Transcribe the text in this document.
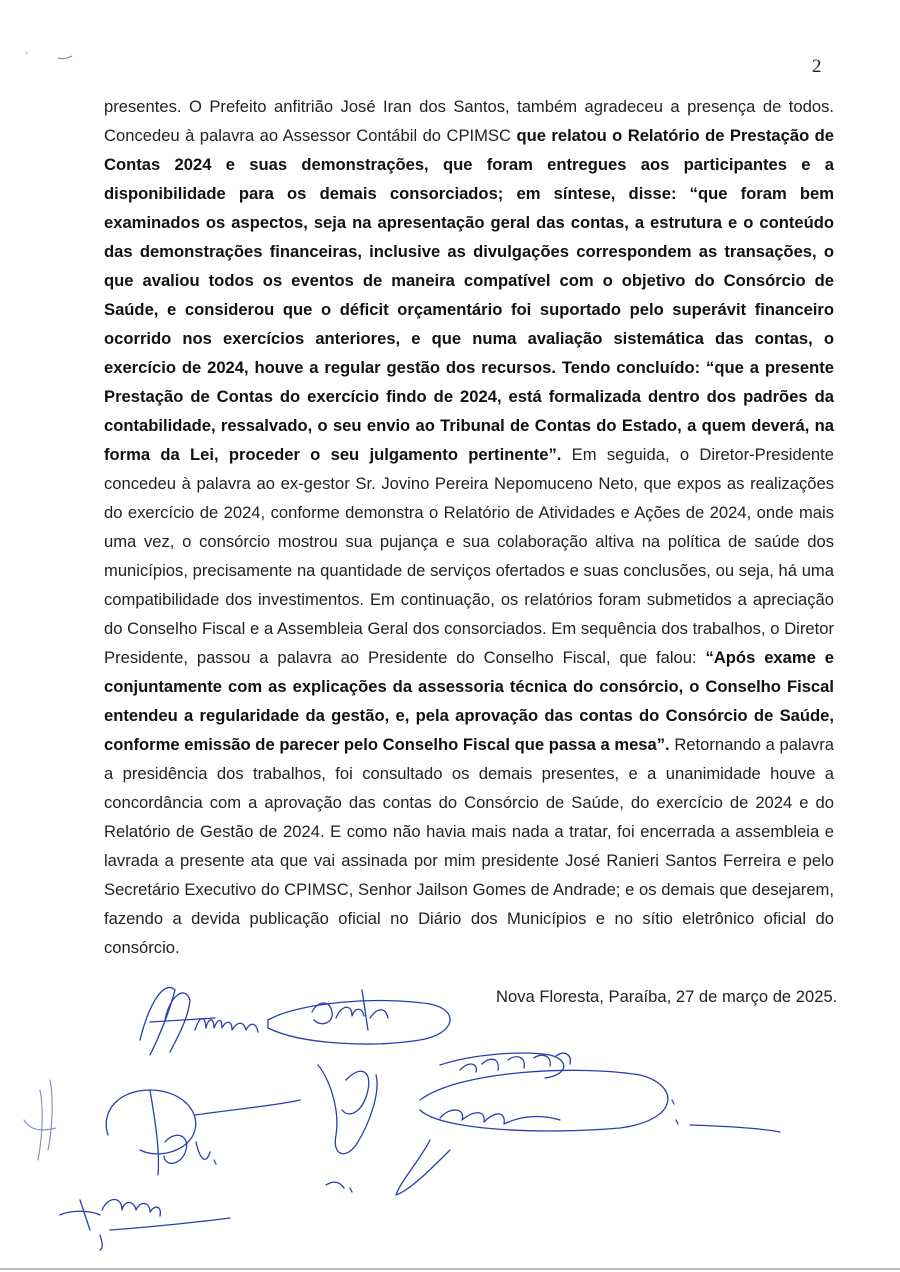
2
presentes. O Prefeito anfitrião José Iran dos Santos, também agradeceu a presença de todos. Concedeu à palavra ao Assessor Contábil do CPIMSC que relatou o Relatório de Prestação de Contas 2024 e suas demonstrações, que foram entregues aos participantes e a disponibilidade para os demais consorciados; em síntese, disse: “que foram bem examinados os aspectos, seja na apresentação geral das contas, a estrutura e o conteúdo das demonstrações financeiras, inclusive as divulgações correspondem as transações, o que avaliou todos os eventos de maneira compatível com o objetivo do Consórcio de Saúde, e considerou que o déficit orçamentário foi suportado pelo superávit financeiro ocorrido nos exercícios anteriores, e que numa avaliação sistemática das contas, o exercício de 2024, houve a regular gestão dos recursos. Tendo concluído: “que a presente Prestação de Contas do exercício findo de 2024, está formalizada dentro dos padrões da contabilidade, ressalvado, o seu envio ao Tribunal de Contas do Estado, a quem deverá, na forma da Lei, proceder o seu julgamento pertinente”. Em seguida, o Diretor-Presidente concedeu à palavra ao ex-gestor Sr. Jovino Pereira Nepomuceno Neto, que expos as realizações do exercício de 2024, conforme demonstra o Relatório de Atividades e Ações de 2024, onde mais uma vez, o consórcio mostrou sua pujança e sua colaboração altiva na política de saúde dos municípios, precisamente na quantidade de serviços ofertados e suas conclusões, ou seja, há uma compatibilidade dos investimentos. Em continuação, os relatórios foram submetidos a apreciação do Conselho Fiscal e a Assembleia Geral dos consorciados. Em sequência dos trabalhos, o Diretor Presidente, passou a palavra ao Presidente do Conselho Fiscal, que falou: “Após exame e conjuntamente com as explicações da assessoria técnica do consórcio, o Conselho Fiscal entendeu a regularidade da gestão, e, pela aprovação das contas do Consórcio de Saúde, conforme emissão de parecer pelo Conselho Fiscal que passa a mesa”. Retornando a palavra a presidência dos trabalhos, foi consultado os demais presentes, e a unanimidade houve a concordância com a aprovação das contas do Consórcio de Saúde, do exercício de 2024 e do Relatório de Gestão de 2024. E como não havia mais nada a tratar, foi encerrada a assembleia e lavrada a presente ata que vai assinada por mim presidente José Ranieri Santos Ferreira e pelo Secretário Executivo do CPIMSC, Senhor Jailson Gomes de Andrade; e os demais que desejarem, fazendo a devida publicação oficial no Diário dos Municípios e no sítio eletrônico oficial do consórcio.
Nova Floresta, Paraíba, 27 de março de 2025.
